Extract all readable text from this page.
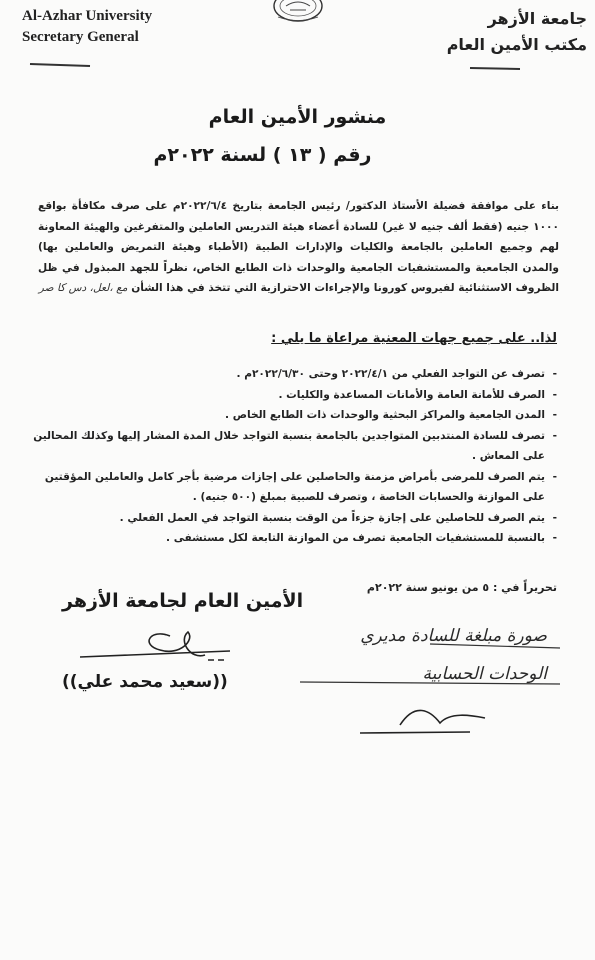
Al-Azhar University
Secretary General
جامعة الأزهر
مكتب الأمين العام
منشور الأمين العام
رقم ( ١٣ ) لسنة ٢٠٢٢م
بناء على موافقة فضيلة الأستاذ الدكتور/ رئيس الجامعة بتاريخ ٢٠٢٢/٦/٤م على صرف مكافأة بواقع ١٠٠٠ جنيه (فقط ألف جنيه لا غير) للسادة أعضاء هيئة التدريس العاملين والمتفرغين والهيئة المعاونة لهم وجميع العاملين بالجامعة والكليات والإدارات الطبية (الأطباء وهيئة التمريض والعاملين بها) والمدن الجامعية والمستشفيات الجامعية والوحدات ذات الطابع الخاص، نظراً للجهد المبذول في ظل الظروف الاستثنائية لفيروس كورونا والإجراءات الاحترازية التي تتخذ في هذا الشأن مع ،لعل، دس كا صر
لذا.. على جميع جهات المعنية مراعاة ما يلي :
- تصرف عن التواجد الفعلي من ٢٠٢٢/٤/١ وحتى ٢٠٢٢/٦/٣٠م .
- الصرف للأمانة العامة والأمانات المساعدة والكليات .
- المدن الجامعية والمراكز البحثية والوحدات ذات الطابع الخاص .
- تصرف للسادة المنتدبين المتواجدين بالجامعة بنسبة التواجد خلال المدة المشار إليها وكذلك المحالين على المعاش .
- يتم الصرف للمرضى بأمراض مزمنة والحاصلين على إجازات مرضية بأجر كامل والعاملين المؤقتين على الموازنة والحسابات الخاصة ، وتصرف للصبية بمبلغ (٥٠٠ جنيه) .
- يتم الصرف للحاصلين على إجازة جزءاً من الوقت بنسبة التواجد في العمل الفعلي .
- بالنسبة للمستشفيات الجامعية تصرف من الموازنة التابعة لكل مستشفى .
تحريراً في : ٥ من يونيو سنة ٢٠٢٢م
الأمين العام لجامعة الأزهر
((سعيد محمد علي))
صورة مبلغة للسادة مديري
الوحدات الحسابية
